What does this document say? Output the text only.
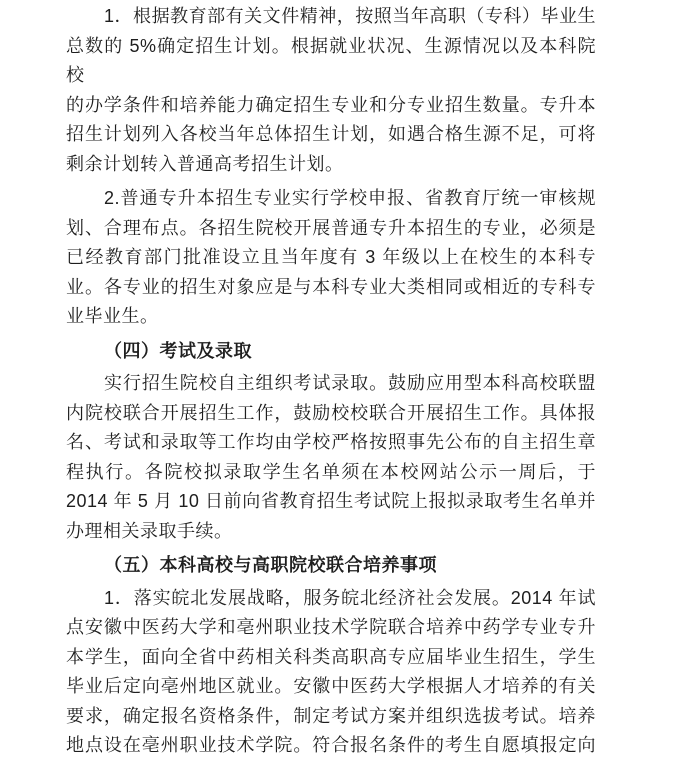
1．根据教育部有关文件精神，按照当年高职（专科）毕业生
总数的 5%确定招生计划。根据就业状况、生源情况以及本科院校
的办学条件和培养能力确定招生专业和分专业招生数量。专升本
招生计划列入各校当年总体招生计划，如遇合格生源不足，可将
剩余计划转入普通高考招生计划。
2.普通专升本招生专业实行学校申报、省教育厅统一审核规
划、合理布点。各招生院校开展普通专升本招生的专业，必须是
已经教育部门批准设立且当年度有 3 年级以上在校生的本科专
业。各专业的招生对象应是与本科专业大类相同或相近的专科专
业毕业生。
（四）考试及录取
实行招生院校自主组织考试录取。鼓励应用型本科高校联盟
内院校联合开展招生工作，鼓励校校联合开展招生工作。具体报
名、考试和录取等工作均由学校严格按照事先公布的自主招生章
程执行。各院校拟录取学生名单须在本校网站公示一周后，于
2014 年 5 月 10 日前向省教育招生考试院上报拟录取考生名单并
办理相关录取手续。
（五）本科高校与高职院校联合培养事项
1．落实皖北发展战略，服务皖北经济社会发展。2014 年试
点安徽中医药大学和亳州职业技术学院联合培养中药学专业专升
本学生，面向全省中药相关科类高职高专应届毕业生招生，学生
毕业后定向亳州地区就业。安徽中医药大学根据人才培养的有关
要求，确定报名资格条件，制定考试方案并组织选拔考试。培养
地点设在亳州职业技术学院。符合报名条件的考生自愿填报定向
